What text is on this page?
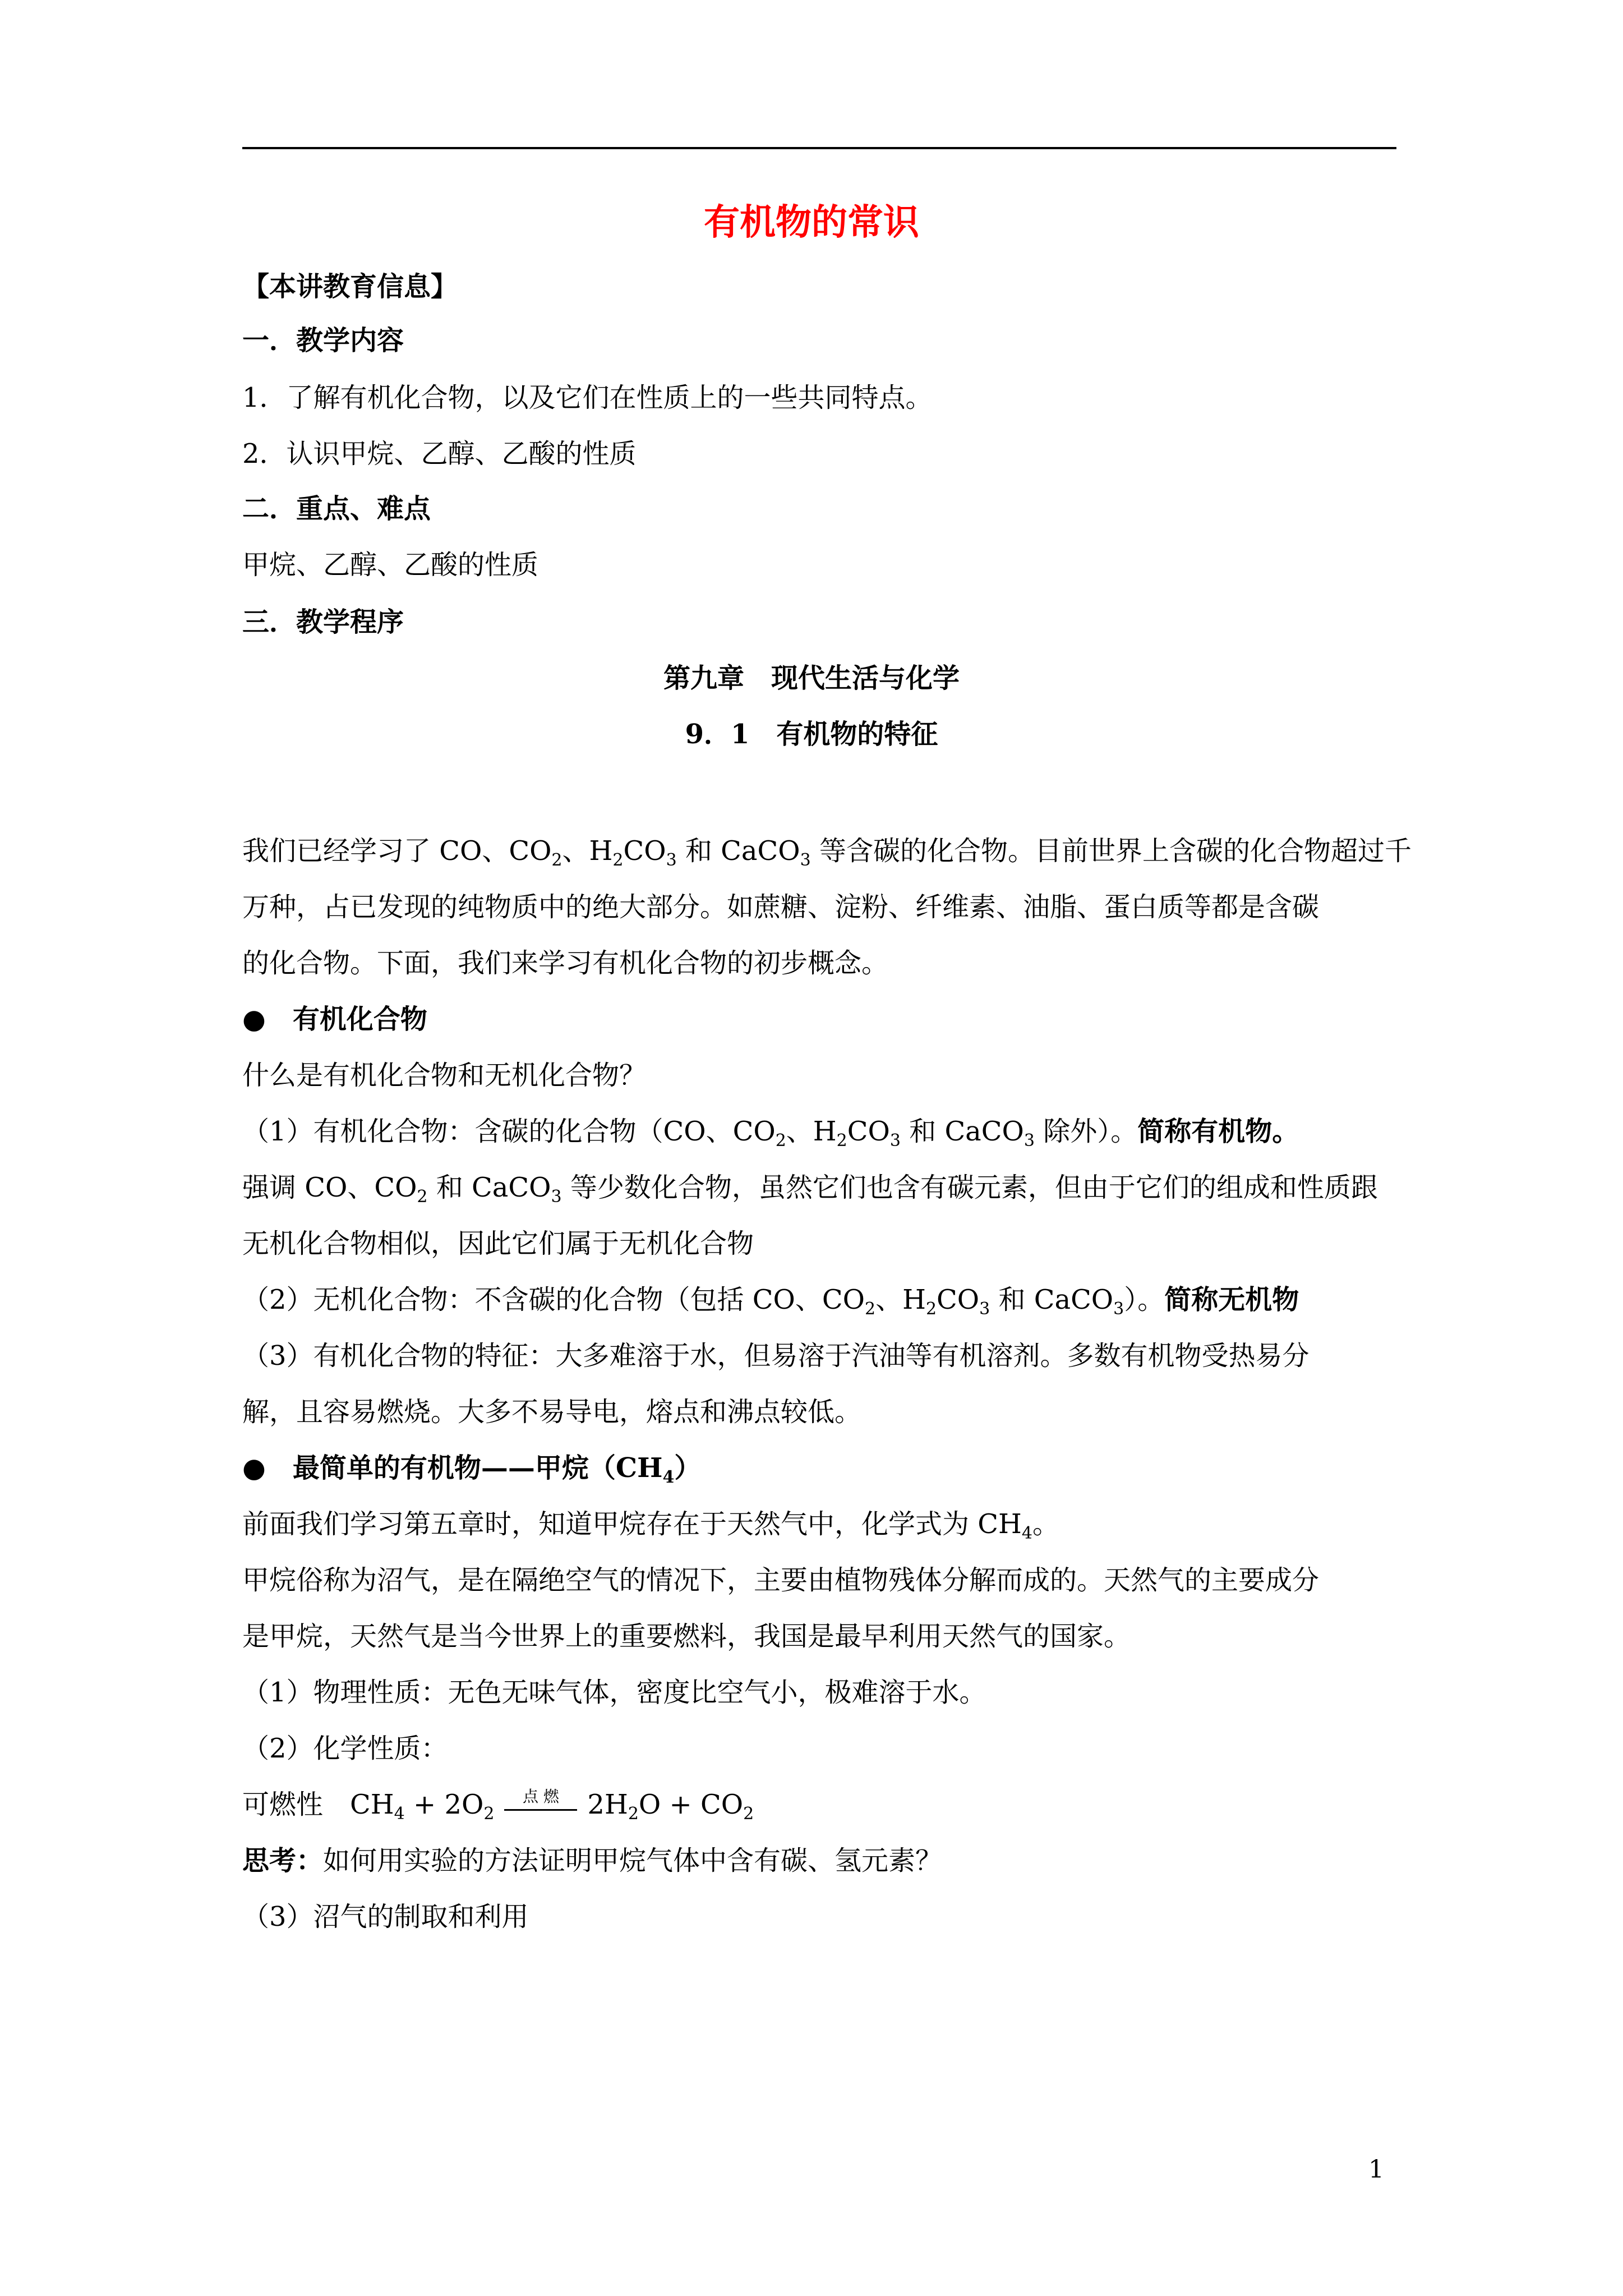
有机物的常识
【本讲教育信息】
一．教学内容
1．了解有机化合物，以及它们在性质上的一些共同特点。
2．认识甲烷、乙醇、乙酸的性质
二．重点、难点
甲烷、乙醇、乙酸的性质
三．教学程序
第九章　现代生活与化学
9．1　有机物的特征
我们已经学习了 CO、$CO_2$、$H_2CO_3$ 和 CaCO$_3$ 等含碳的化合物。目前世界上含碳的化合物超过千
万种，占已发现的纯物质中的绝大部分。如蔗糖、淀粉、纤维素、油脂、蛋白质等都是含碳
的化合物。下面，我们来学习有机化合物的初步概念。
●　有机化合物
什么是有机化合物和无机化合物？
（1）有机化合物：含碳的化合物（CO、$CO_2$、$H_2CO_3$ 和 CaCO$_3$ 除外）。简称有机物。
强调 CO、$CO_2$ 和 CaCO$_3$ 等少数化合物，虽然它们也含有碳元素，但由于它们的组成和性质跟
无机化合物相似，因此它们属于无机化合物
（2）无机化合物：不含碳的化合物（包括 CO、$CO_2$、$H_2CO_3$ 和 CaCO$_3$）。简称无机物
（3）有机化合物的特征：大多难溶于水，但易溶于汽油等有机溶剂。多数有机物受热易分
解，且容易燃烧。大多不易导电，熔点和沸点较低。
●　最简单的有机物——甲烷$(CH_4)$
前面我们学习第五章时，知道甲烷存在于天然气中，化学式为 $CH_4$。
甲烷俗称为沼气，是在隔绝空气的情况下，主要由植物残体分解而成的。天然气的主要成分
是甲烷，天然气是当今世界上的重要燃料，我国是最早利用天然气的国家。
（1）物理性质：无色无味气体，密度比空气小，极难溶于水。
（2）化学性质：
可燃性　$CH_4 + 2O_2$
点 燃	$2H_2O + CO_2$
思考：如何用实验的方法证明甲烷气体中含有碳、氢元素？
（3）沼气的制取和利用
1
